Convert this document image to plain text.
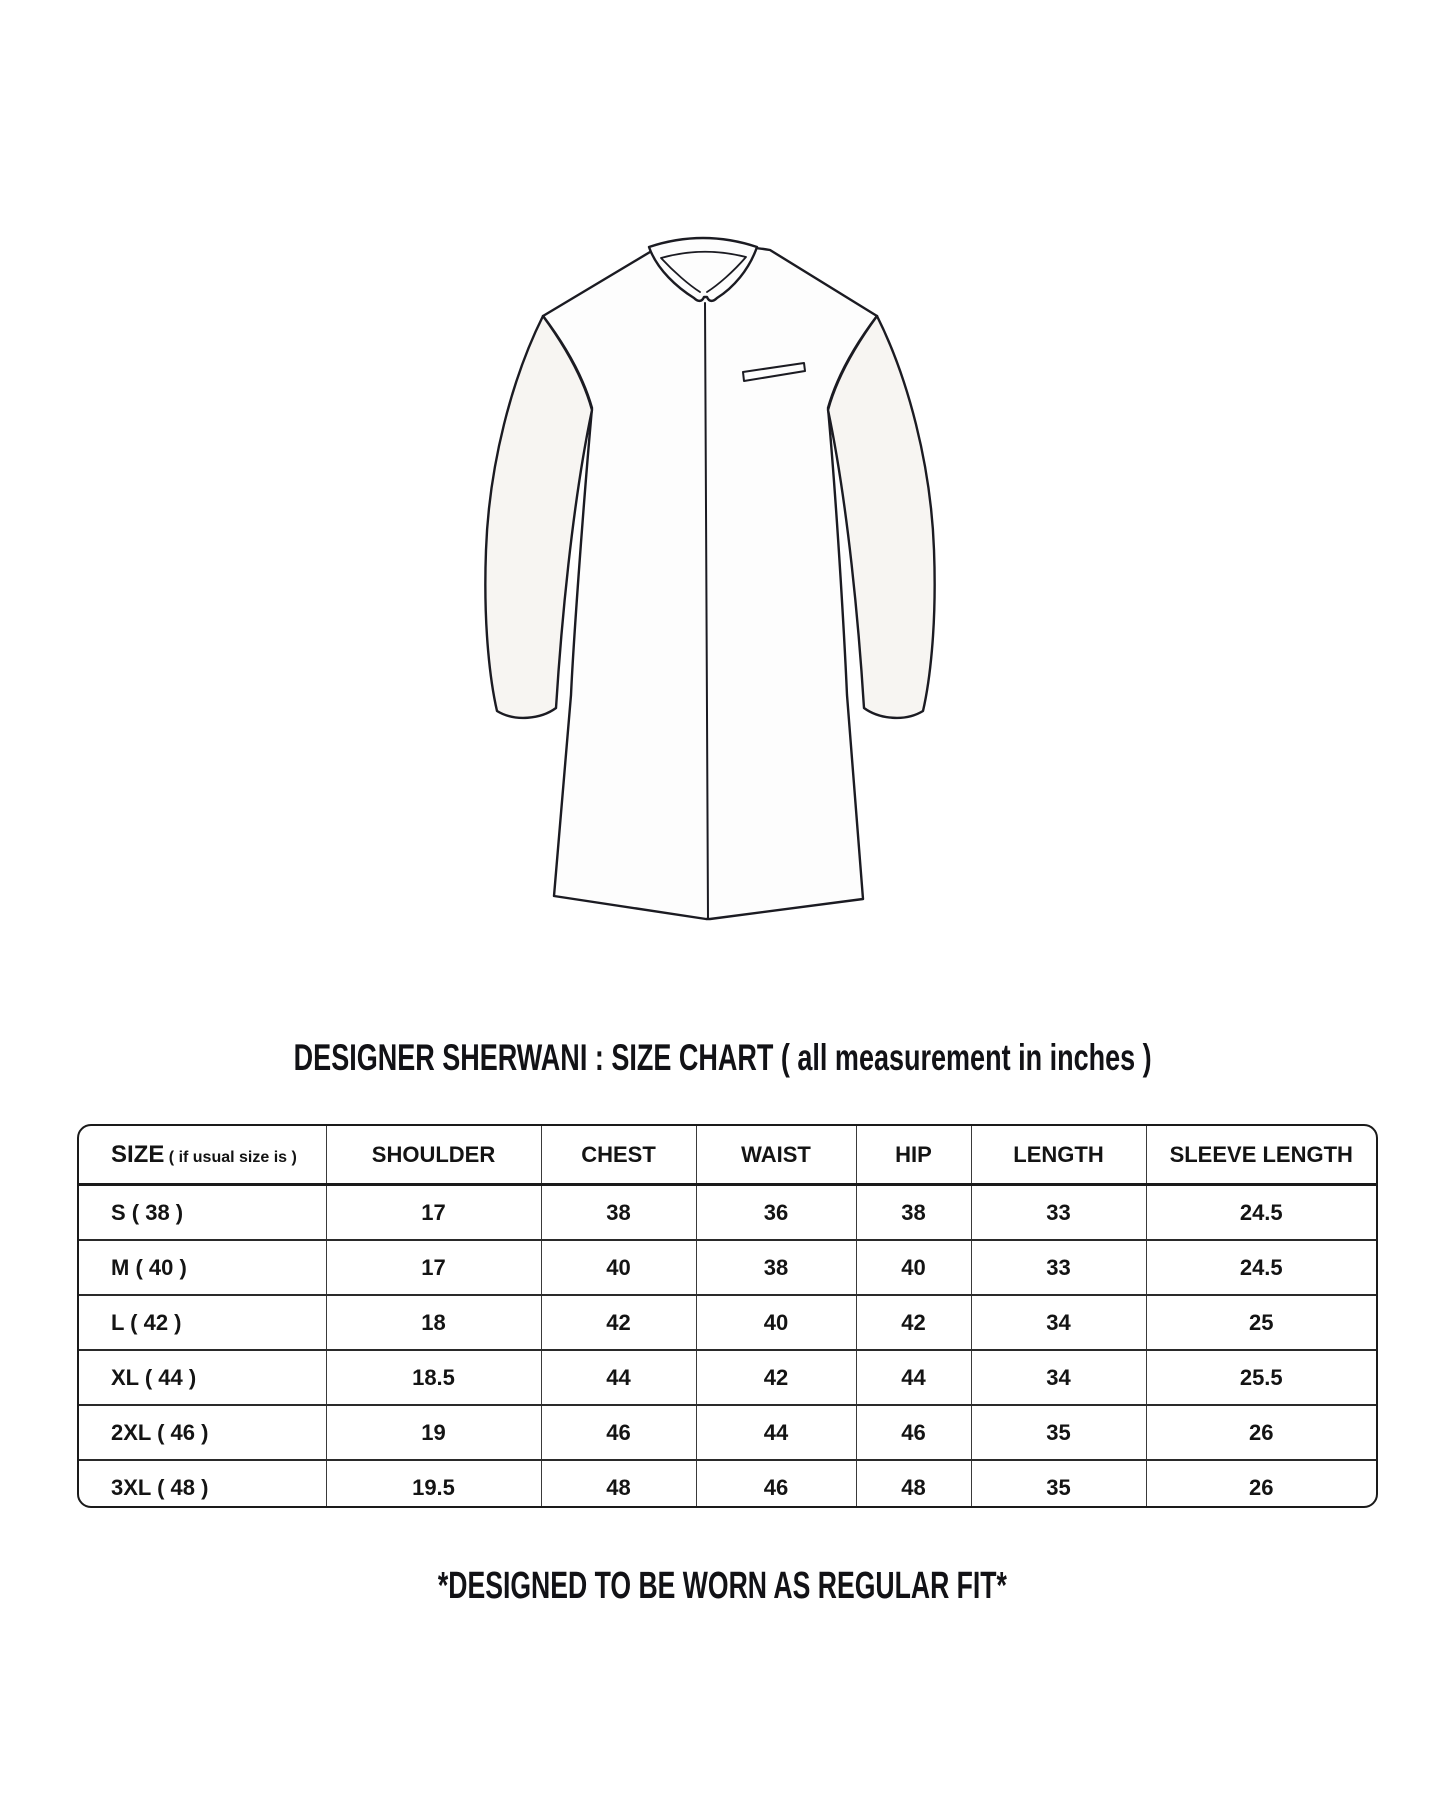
DESIGNER SHERWANI : SIZE CHART ( all measurement in inches )
SIZE ( if usual size is )	SHOULDER	CHEST	WAIST	HIP	LENGTH	SLEEVE LENGTH
S ( 38 )	17	38	36	38	33	24.5
M ( 40 )	17	40	38	40	33	24.5
L ( 42 )	18	42	40	42	34	25
XL ( 44 )	18.5	44	42	44	34	25.5
2XL ( 46 )	19	46	44	46	35	26
3XL ( 48 )	19.5	48	46	48	35	26
*DESIGNED TO BE WORN AS REGULAR FIT*
